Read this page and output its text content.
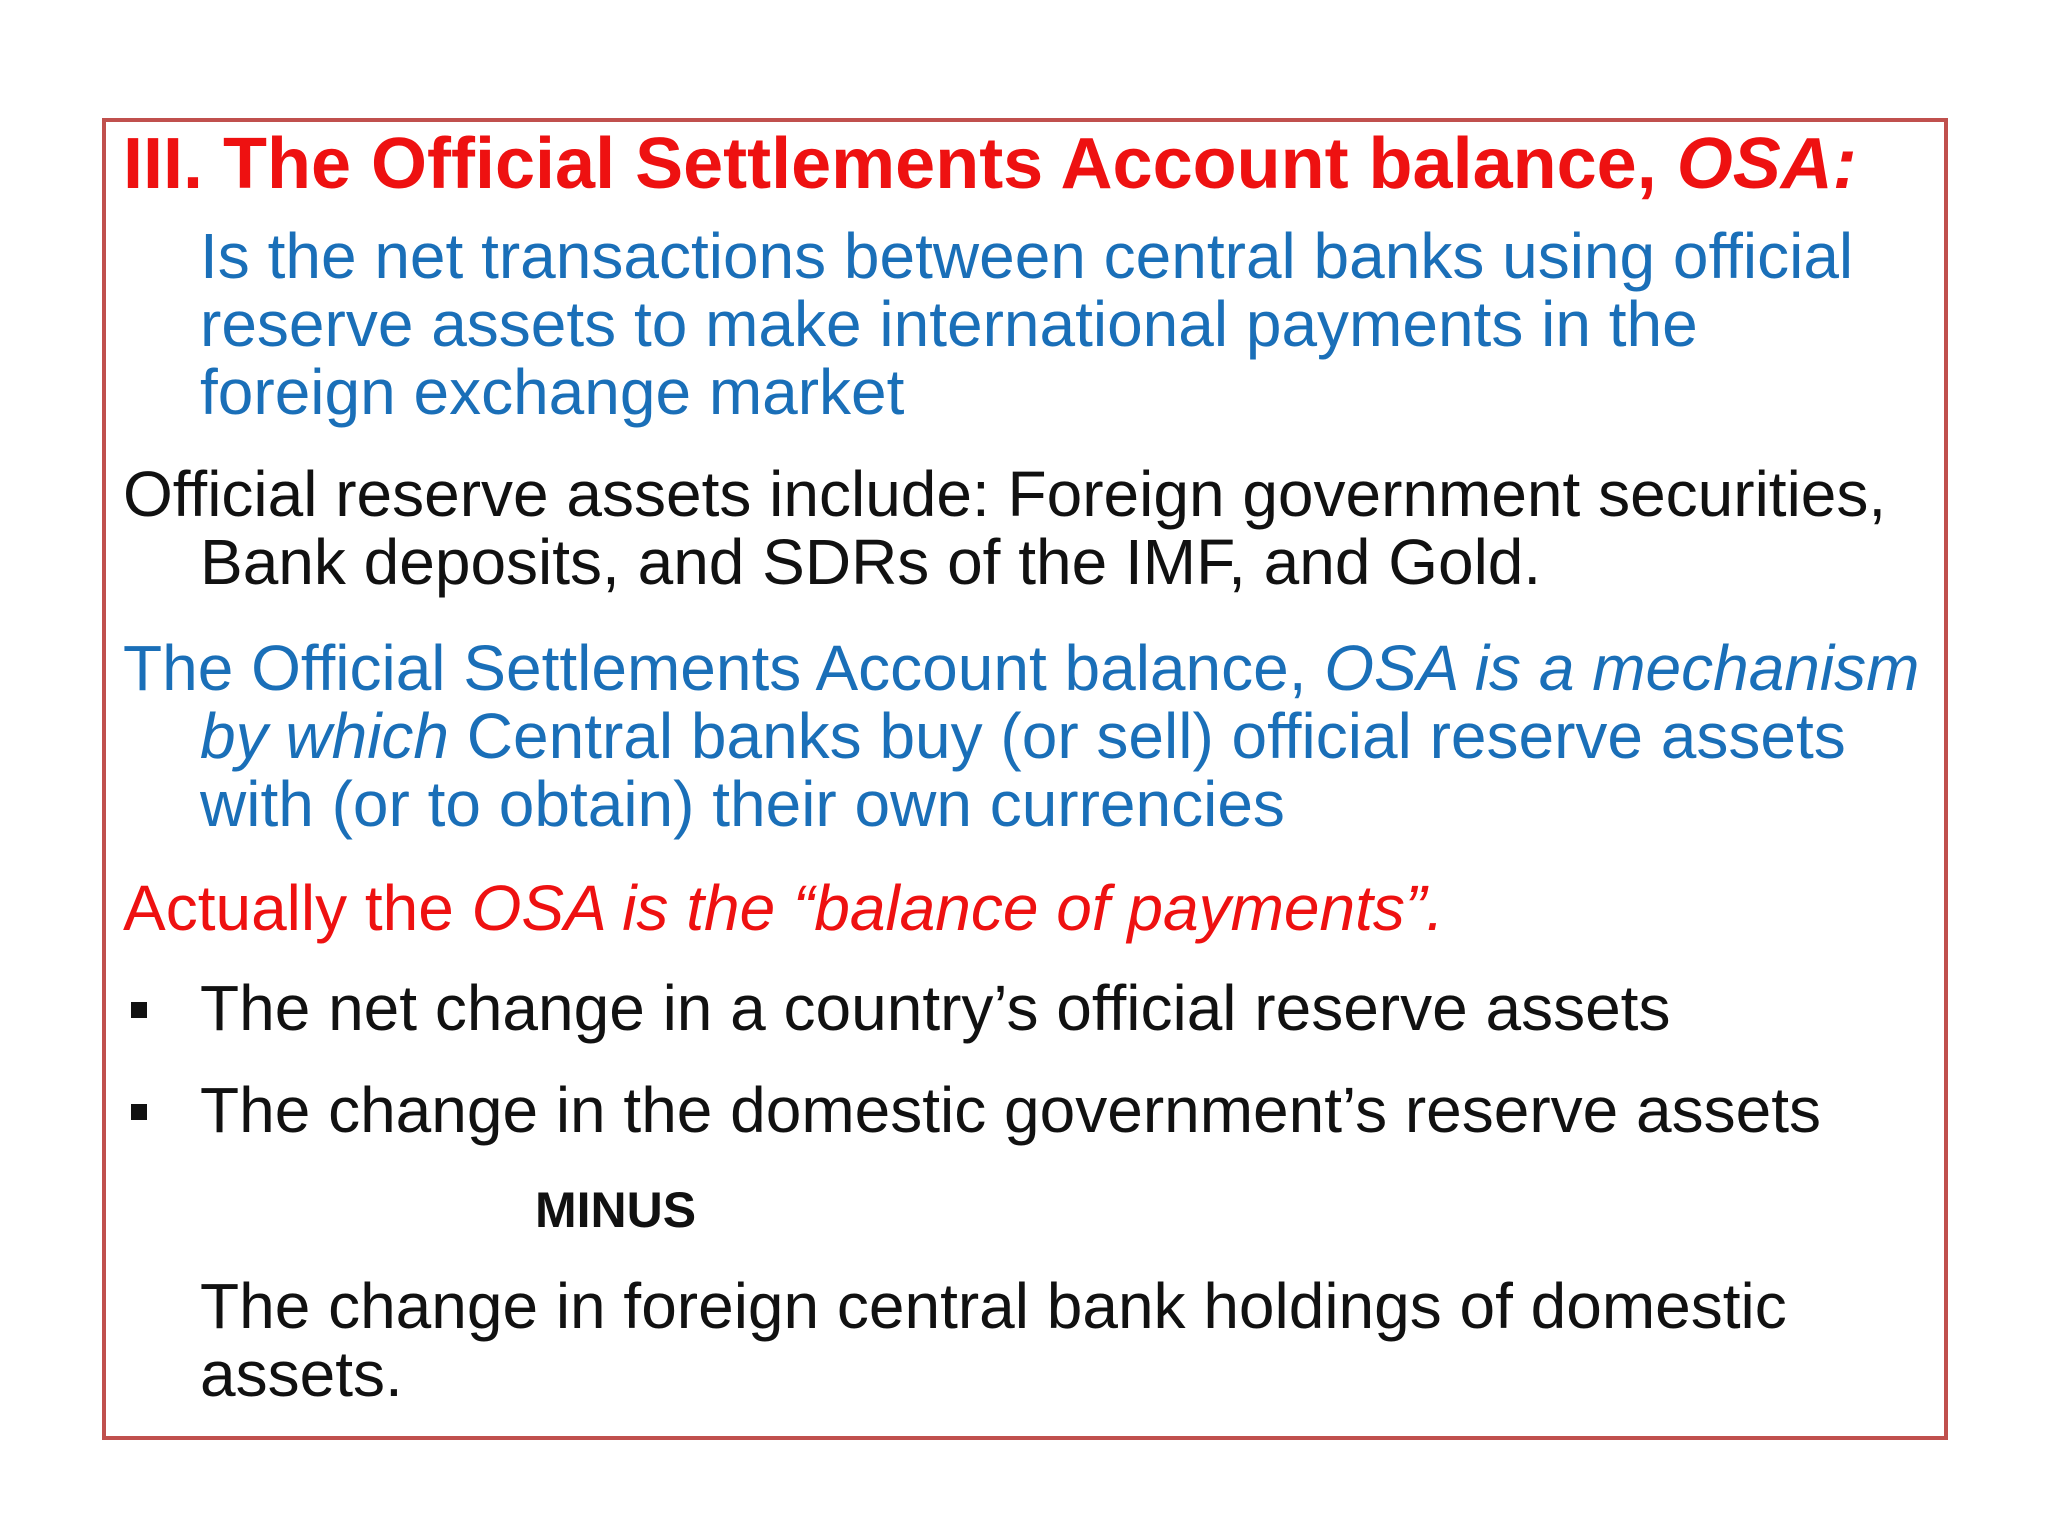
III. The Official Settlements Account balance, OSA:
Is the net transactions between central banks using official
reserve assets to make international payments in the
foreign exchange market
Official reserve assets include: Foreign government securities,
Bank deposits, and SDRs of the IMF, and Gold.
The Official Settlements Account balance, OSA is a mechanism
by which Central banks buy (or sell) official reserve assets
with (or to obtain) their own currencies
Actually the OSA is the “balance of payments”.
The net change in a country’s official reserve assets
The change in the domestic government’s reserve assets
MINUS
The change in foreign central bank holdings of domestic
assets.
